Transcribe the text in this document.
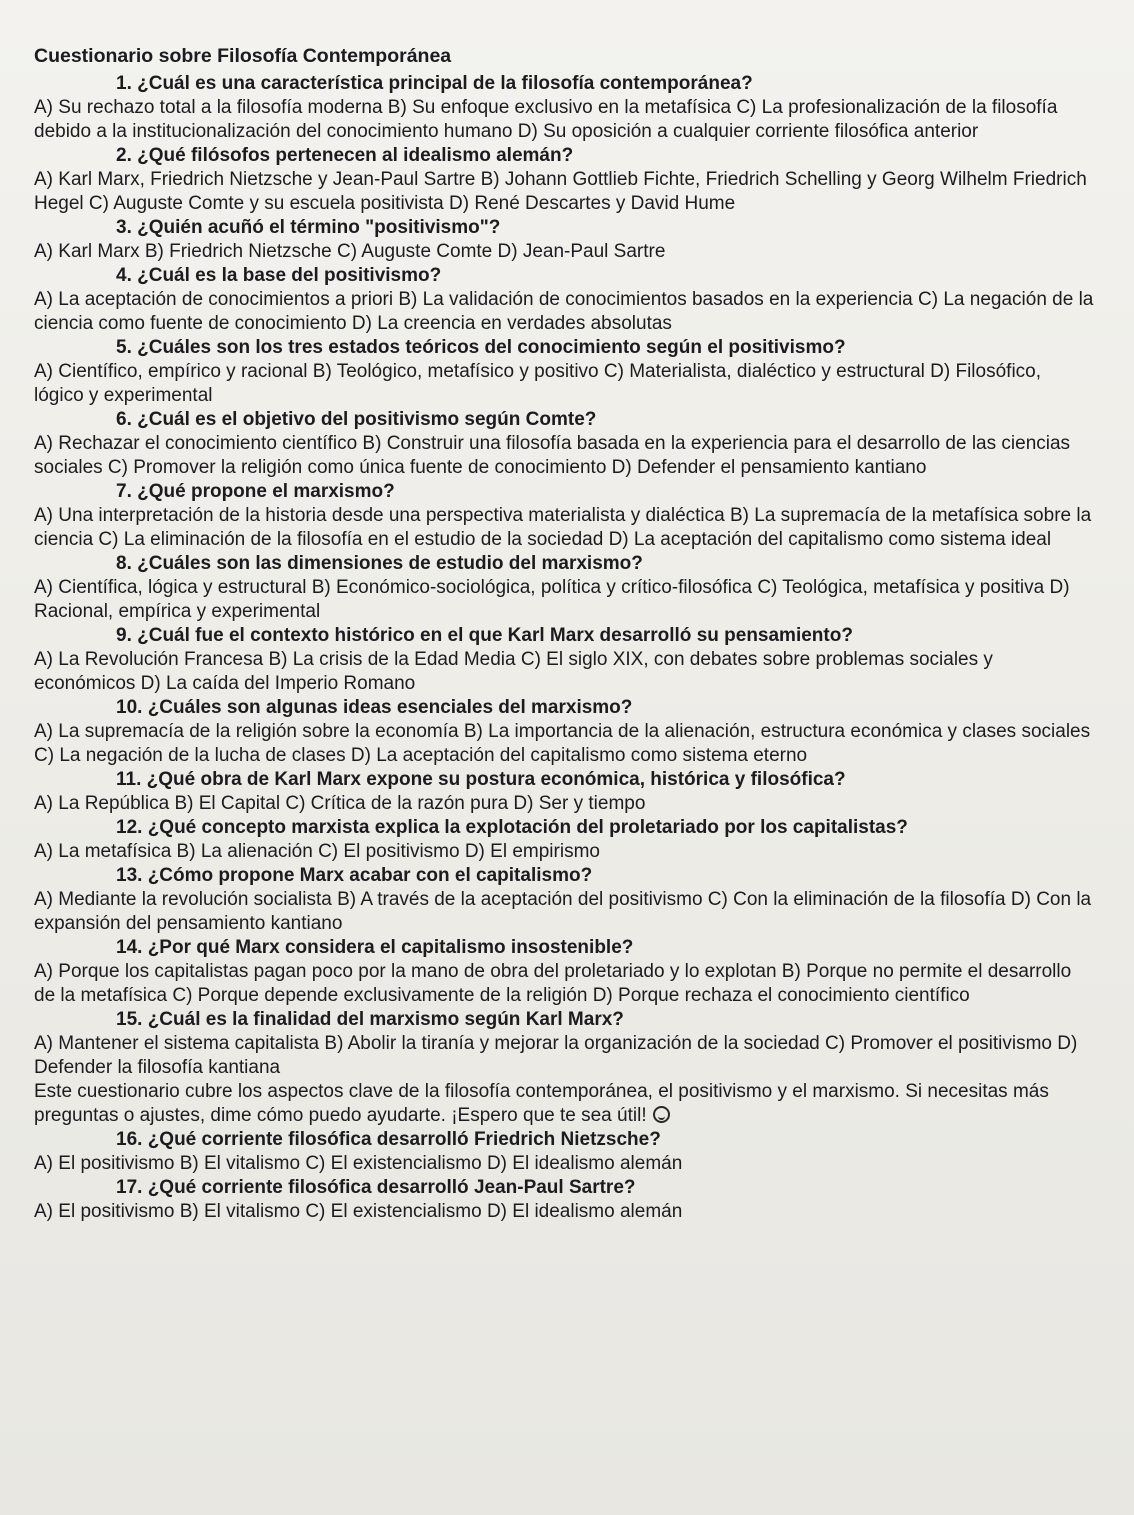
Cuestionario sobre Filosofía Contemporánea

1. ¿Cuál es una característica principal de la filosofía contemporánea?

A) Su rechazo total a la filosofía moderna B) Su enfoque exclusivo en la metafísica C) La profesionalización de la filosofía debido a la institucionalización del conocimiento humano D) Su oposición a cualquier corriente filosófica anterior

2. ¿Qué filósofos pertenecen al idealismo alemán?

A) Karl Marx, Friedrich Nietzsche y Jean-Paul Sartre B) Johann Gottlieb Fichte, Friedrich Schelling y Georg Wilhelm Friedrich Hegel C) Auguste Comte y su escuela positivista D) René Descartes y David Hume

3. ¿Quién acuñó el término "positivismo"?

A) Karl Marx B) Friedrich Nietzsche C) Auguste Comte D) Jean-Paul Sartre

4. ¿Cuál es la base del positivismo?

A) La aceptación de conocimientos a priori B) La validación de conocimientos basados en la experiencia C) La negación de la ciencia como fuente de conocimiento D) La creencia en verdades absolutas

5. ¿Cuáles son los tres estados teóricos del conocimiento según el positivismo?

A) Científico, empírico y racional B) Teológico, metafísico y positivo C) Materialista, dialéctico y estructural D) Filosófico, lógico y experimental

6. ¿Cuál es el objetivo del positivismo según Comte?

A) Rechazar el conocimiento científico B) Construir una filosofía basada en la experiencia para el desarrollo de las ciencias sociales C) Promover la religión como única fuente de conocimiento D) Defender el pensamiento kantiano

7. ¿Qué propone el marxismo?

A) Una interpretación de la historia desde una perspectiva materialista y dialéctica B) La supremacía de la metafísica sobre la ciencia C) La eliminación de la filosofía en el estudio de la sociedad D) La aceptación del capitalismo como sistema ideal

8. ¿Cuáles son las dimensiones de estudio del marxismo?

A) Científica, lógica y estructural B) Económico-sociológica, política y crítico-filosófica C) Teológica, metafísica y positiva D) Racional, empírica y experimental

9. ¿Cuál fue el contexto histórico en el que Karl Marx desarrolló su pensamiento?

A) La Revolución Francesa B) La crisis de la Edad Media C) El siglo XIX, con debates sobre problemas sociales y económicos D) La caída del Imperio Romano

10. ¿Cuáles son algunas ideas esenciales del marxismo?

A) La supremacía de la religión sobre la economía B) La importancia de la alienación, estructura económica y clases sociales C) La negación de la lucha de clases D) La aceptación del capitalismo como sistema eterno

11. ¿Qué obra de Karl Marx expone su postura económica, histórica y filosófica?

A) La República B) El Capital C) Crítica de la razón pura D) Ser y tiempo

12. ¿Qué concepto marxista explica la explotación del proletariado por los capitalistas?

A) La metafísica B) La alienación C) El positivismo D) El empirismo

13. ¿Cómo propone Marx acabar con el capitalismo?

A) Mediante la revolución socialista B) A través de la aceptación del positivismo C) Con la eliminación de la filosofía D) Con la expansión del pensamiento kantiano

14. ¿Por qué Marx considera el capitalismo insostenible?

A) Porque los capitalistas pagan poco por la mano de obra del proletariado y lo explotan B) Porque no permite el desarrollo de la metafísica C) Porque depende exclusivamente de la religión D) Porque rechaza el conocimiento científico

15. ¿Cuál es la finalidad del marxismo según Karl Marx?

A) Mantener el sistema capitalista B) Abolir la tiranía y mejorar la organización de la sociedad C) Promover el positivismo D) Defender la filosofía kantiana

Este cuestionario cubre los aspectos clave de la filosofía contemporánea, el positivismo y el marxismo. Si necesitas más preguntas o ajustes, dime cómo puedo ayudarte. ¡Espero que te sea útil!

16. ¿Qué corriente filosófica desarrolló Friedrich Nietzsche?

A) El positivismo B) El vitalismo C) El existencialismo D) El idealismo alemán

17. ¿Qué corriente filosófica desarrolló Jean-Paul Sartre?

A) El positivismo B) El vitalismo C) El existencialismo D) El idealismo alemán
